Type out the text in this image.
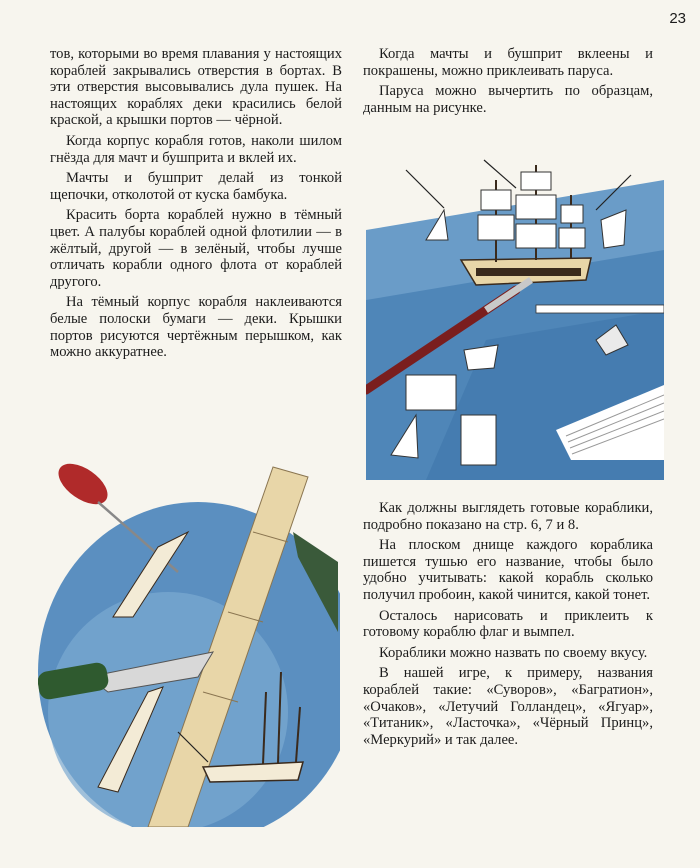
23

тов, которыми во время плавания у настоящих кораблей закрывались отверстия в бортах. В эти отверстия высовывались дула пушек. На настоящих кораблях деки красились белой краской, а крышки портов — чёрной.

Когда корпус корабля готов, наколи шилом гнёзда для мачт и бушприта и вклей их.

Мачты и бушприт делай из тонкой щепочки, отколотой от куска бамбука.

Красить борта кораблей нужно в тёмный цвет. А палубы кораблей одной флотилии — в жёлтый, другой — в зелёный, чтобы лучше отличать корабли одного флота от кораблей другого.

На тёмный корпус корабля наклеиваются белые полоски бумаги — деки. Крышки портов рисуются чертёжным перышком, как можно аккуратнее.

Когда мачты и бушприт вклеены и покрашены, можно приклеивать паруса.

Паруса можно вычертить по образцам, данным на рисунке.

Как должны выглядеть готовые кораблики, подробно показано на стр. 6, 7 и 8.

На плоском днище каждого кораблика пишется тушью его название, чтобы было удобно учитывать: какой корабль сколько получил пробоин, какой чинится, какой тонет.

Осталось нарисовать и приклеить к готовому кораблю флаг и вымпел.

Кораблики можно назвать по своему вкусу.

В нашей игре, к примеру, названия кораблей такие: «Суворов», «Багратион», «Очаков», «Летучий Голландец», «Ягуар», «Титаник», «Ласточка», «Чёрный Принц», «Меркурий» и так далее.
